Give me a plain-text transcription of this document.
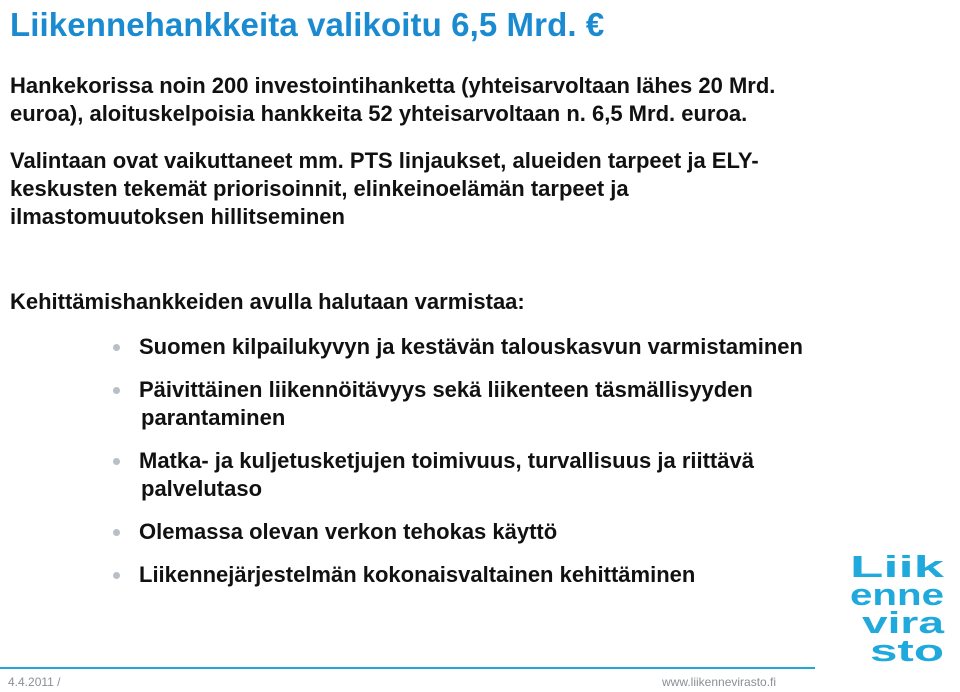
Liikennehankkeita valikoitu 6,5 Mrd. €
Hankekorissa noin 200 investointihanketta (yhteisarvoltaan lähes 20 Mrd.
euroa), aloituskelpoisia hankkeita 52 yhteisarvoltaan n. 6,5 Mrd. euroa.
Valintaan ovat vaikuttaneet mm. PTS linjaukset, alueiden tarpeet ja ELY-
keskusten tekemät priorisoinnit, elinkeinoelämän tarpeet ja
ilmastomuutoksen hillitseminen
Kehittämishankkeiden avulla halutaan varmistaa:
Suomen kilpailukyvyn ja kestävän talouskasvun varmistaminen
Päivittäinen liikennöitävyys sekä liikenteen täsmällisyyden
parantaminen
Matka- ja kuljetusketjujen toimivuus, turvallisuus ja riittävä
palvelutaso
Olemassa olevan verkon tehokas käyttö
Liikennejärjestelmän kokonaisvaltainen kehittäminen	Liik
enne
vira
sto
4.4.2011 /	www.liikennevirasto.fi
